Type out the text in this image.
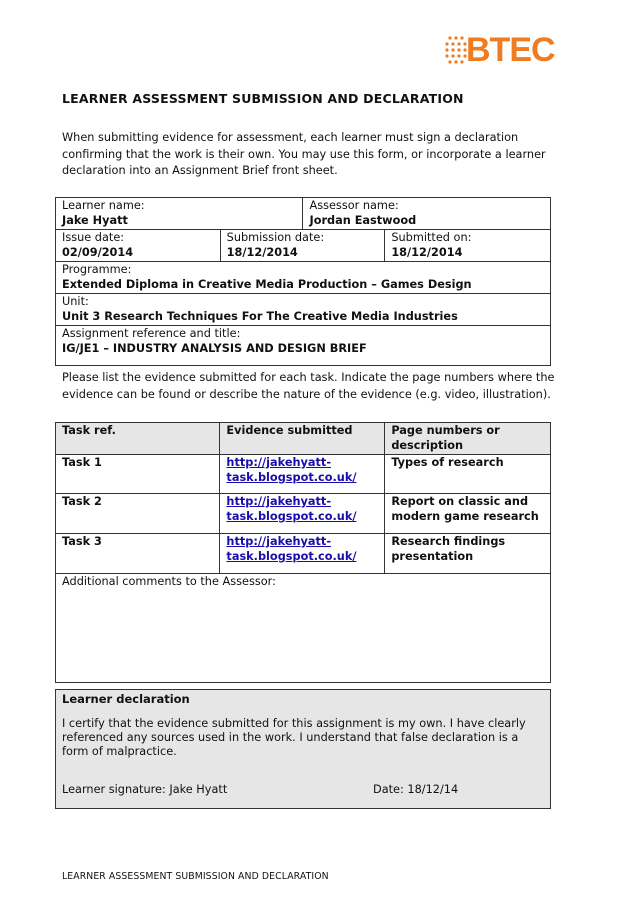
BTEC
LEARNER ASSESSMENT SUBMISSION AND DECLARATION
When submitting evidence for assessment, each learner must sign a declaration confirming that the work is their own. You may use this form, or incorporate a learner declaration into an Assignment Brief front sheet.
Learner name:
Jake Hyatt		Assessor name:
Jordan Eastwood	

Issue date:
02/09/2014	Submission date:
18/12/2014		Submitted on:
18/12/2014

Programme:
Extended Diploma in Creative Media Production – Games Design			

Unit:
Unit 3 Research Techniques For The Creative Media Industries			

Assignment reference and title:
IG/JE1 – INDUSTRY ANALYSIS AND DESIGN BRIEF			
Please list the evidence submitted for each task. Indicate the page numbers where the evidence can be found or describe the nature of the evidence (e.g. video, illustration).
Task ref.	Evidence submitted	Page numbers or description
Task 1	http://jakehyatt-
task.blogspot.co.uk/	Types of research
Task 2	http://jakehyatt-
task.blogspot.co.uk/	Report on classic and modern game research
Task 3	http://jakehyatt-
task.blogspot.co.uk/	Research findings presentation
Additional comments to the Assessor:		
Learner declaration
I certify that the evidence submitted for this assignment is my own. I have clearly referenced any sources used in the work. I understand that false declaration is a form of malpractice.
Learner signature: Jake Hyatt	Date: 18/12/14
LEARNER ASSESSMENT SUBMISSION AND DECLARATION
